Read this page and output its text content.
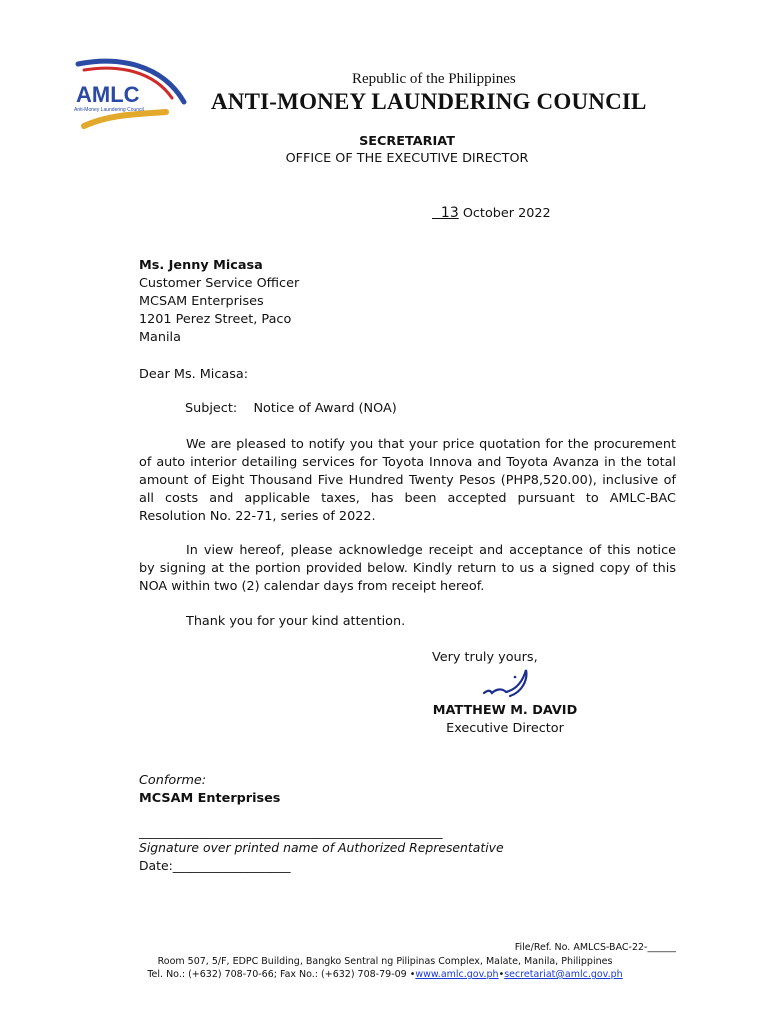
AMLC
Anti-Money Laundering Council
Republic of the Philippines
ANTI-MONEY LAUNDERING COUNCIL
SECRETARIAT
OFFICE OF THE EXECUTIVE DIRECTOR
13 October 2022
Ms. Jenny Micasa
Customer Service Officer
MCSAM Enterprises
1201 Perez Street, Paco
Manila
Dear Ms. Micasa:
Subject: Notice of Award (NOA)
We are pleased to notify you that your price quotation for the procurement of auto interior detailing services for Toyota Innova and Toyota Avanza in the total amount of Eight Thousand Five Hundred Twenty Pesos (PHP8,520.00), inclusive of all costs and applicable taxes, has been accepted pursuant to AMLC-BAC Resolution No. 22-71, series of 2022.
In view hereof, please acknowledge receipt and acceptance of this notice by signing at the portion provided below. Kindly return to us a signed copy of this NOA within two (2) calendar days from receipt hereof.
Thank you for your kind attention.
Very truly yours,
MATTHEW M. DAVID
Executive Director
Conforme:
MCSAM Enterprises
_________________________________________________
Signature over printed name of Authorized Representative
Date:___________________
File/Ref. No. AMLCS-BAC-22-______
Room 507, 5/F, EDPC Building, Bangko Sentral ng Pilipinas Complex, Malate, Manila, Philippines
Tel. No.: (+632) 708-70-66; Fax No.: (+632) 708-79-09 •www.amlc.gov.ph•secretariat@amlc.gov.ph
